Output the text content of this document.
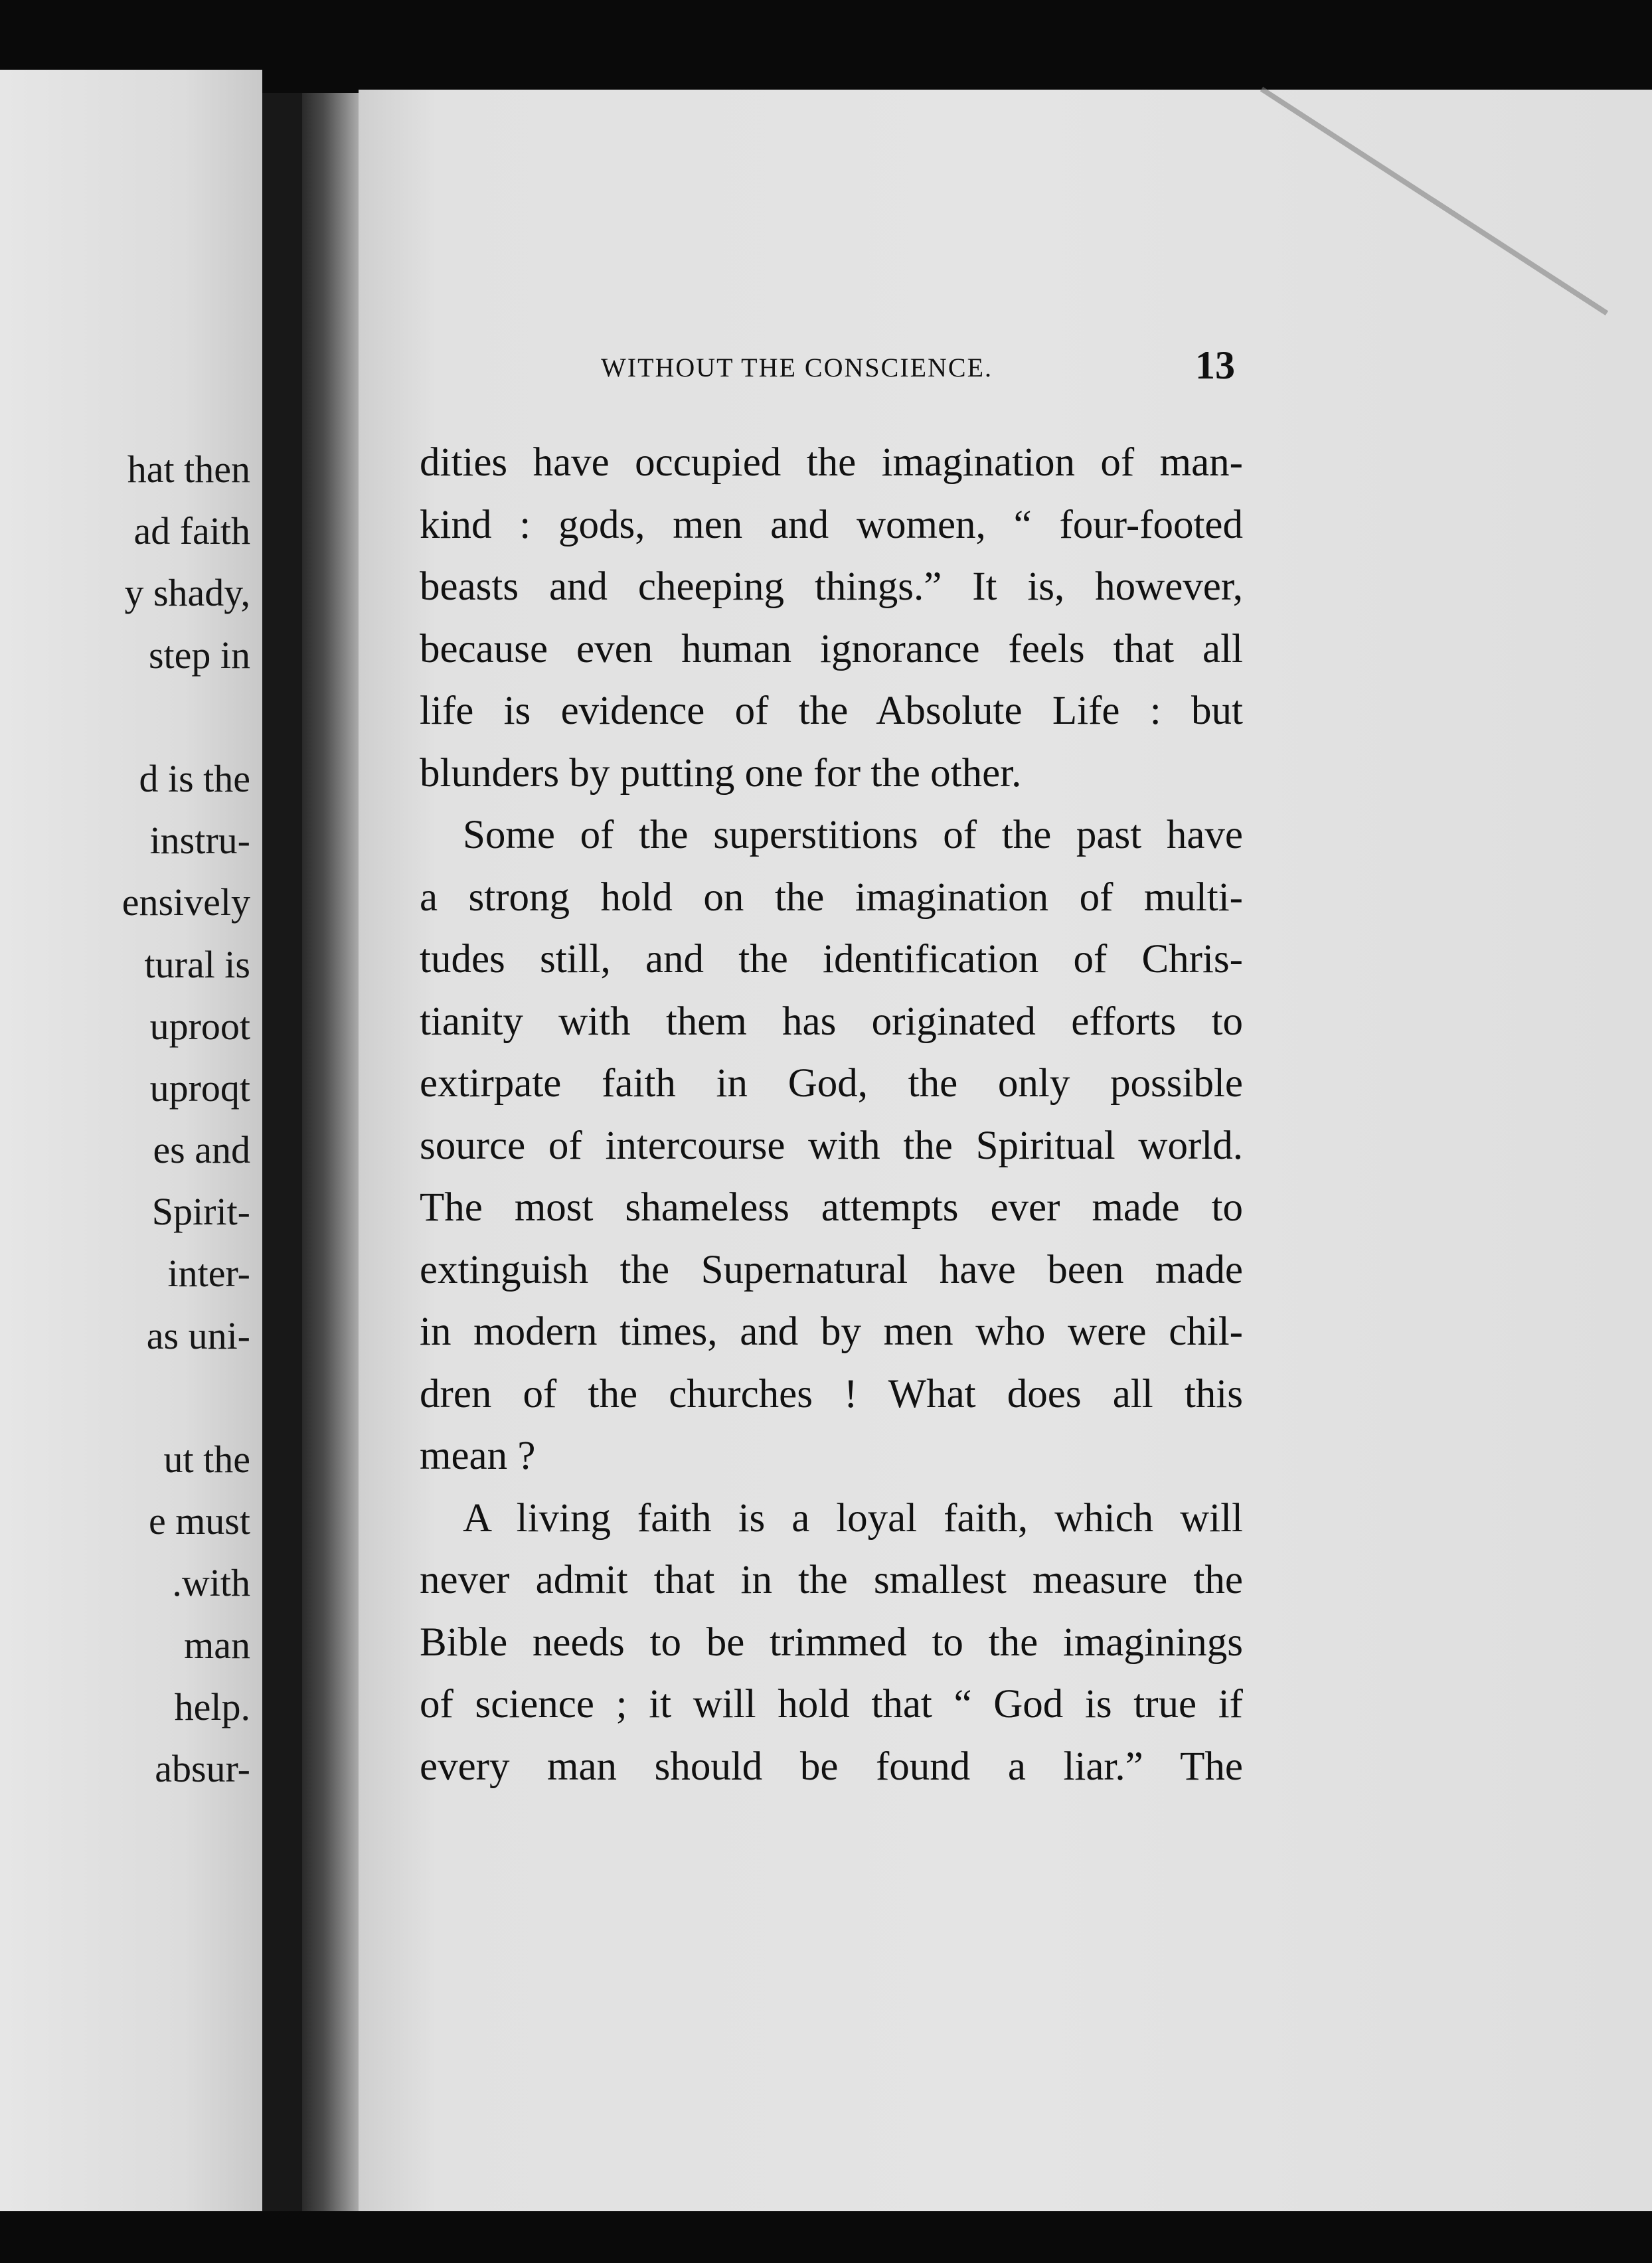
hat then
ad faith
y shady,
step in
d is the
instru-
ensively
tural is
uproot
uproqt
es and
Spirit-
inter-
as uni-
ut the
e must
.with
man
help.
absur-
WITHOUT THE CONSCIENCE.	13
dities have occupied the imagination of man-
kind : gods, men and women, “ four-footed
beasts and cheeping things.” It is, however,
because even human ignorance feels that all
life is evidence of the Absolute Life : but
blunders by putting one for the other.
Some of the superstitions of the past have
a strong hold on the imagination of multi-
tudes still, and the identification of Chris-
tianity with them has originated efforts to
extirpate faith in God, the only possible
source of intercourse with the Spiritual world.
The most shameless attempts ever made to
extinguish the Supernatural have been made
in modern times, and by men who were chil-
dren of the churches ! What does all this
mean ?
A living faith is a loyal faith, which will
never admit that in the smallest measure the
Bible needs to be trimmed to the imaginings
of science ; it will hold that “ God is true if
every man should be found a liar.” The
